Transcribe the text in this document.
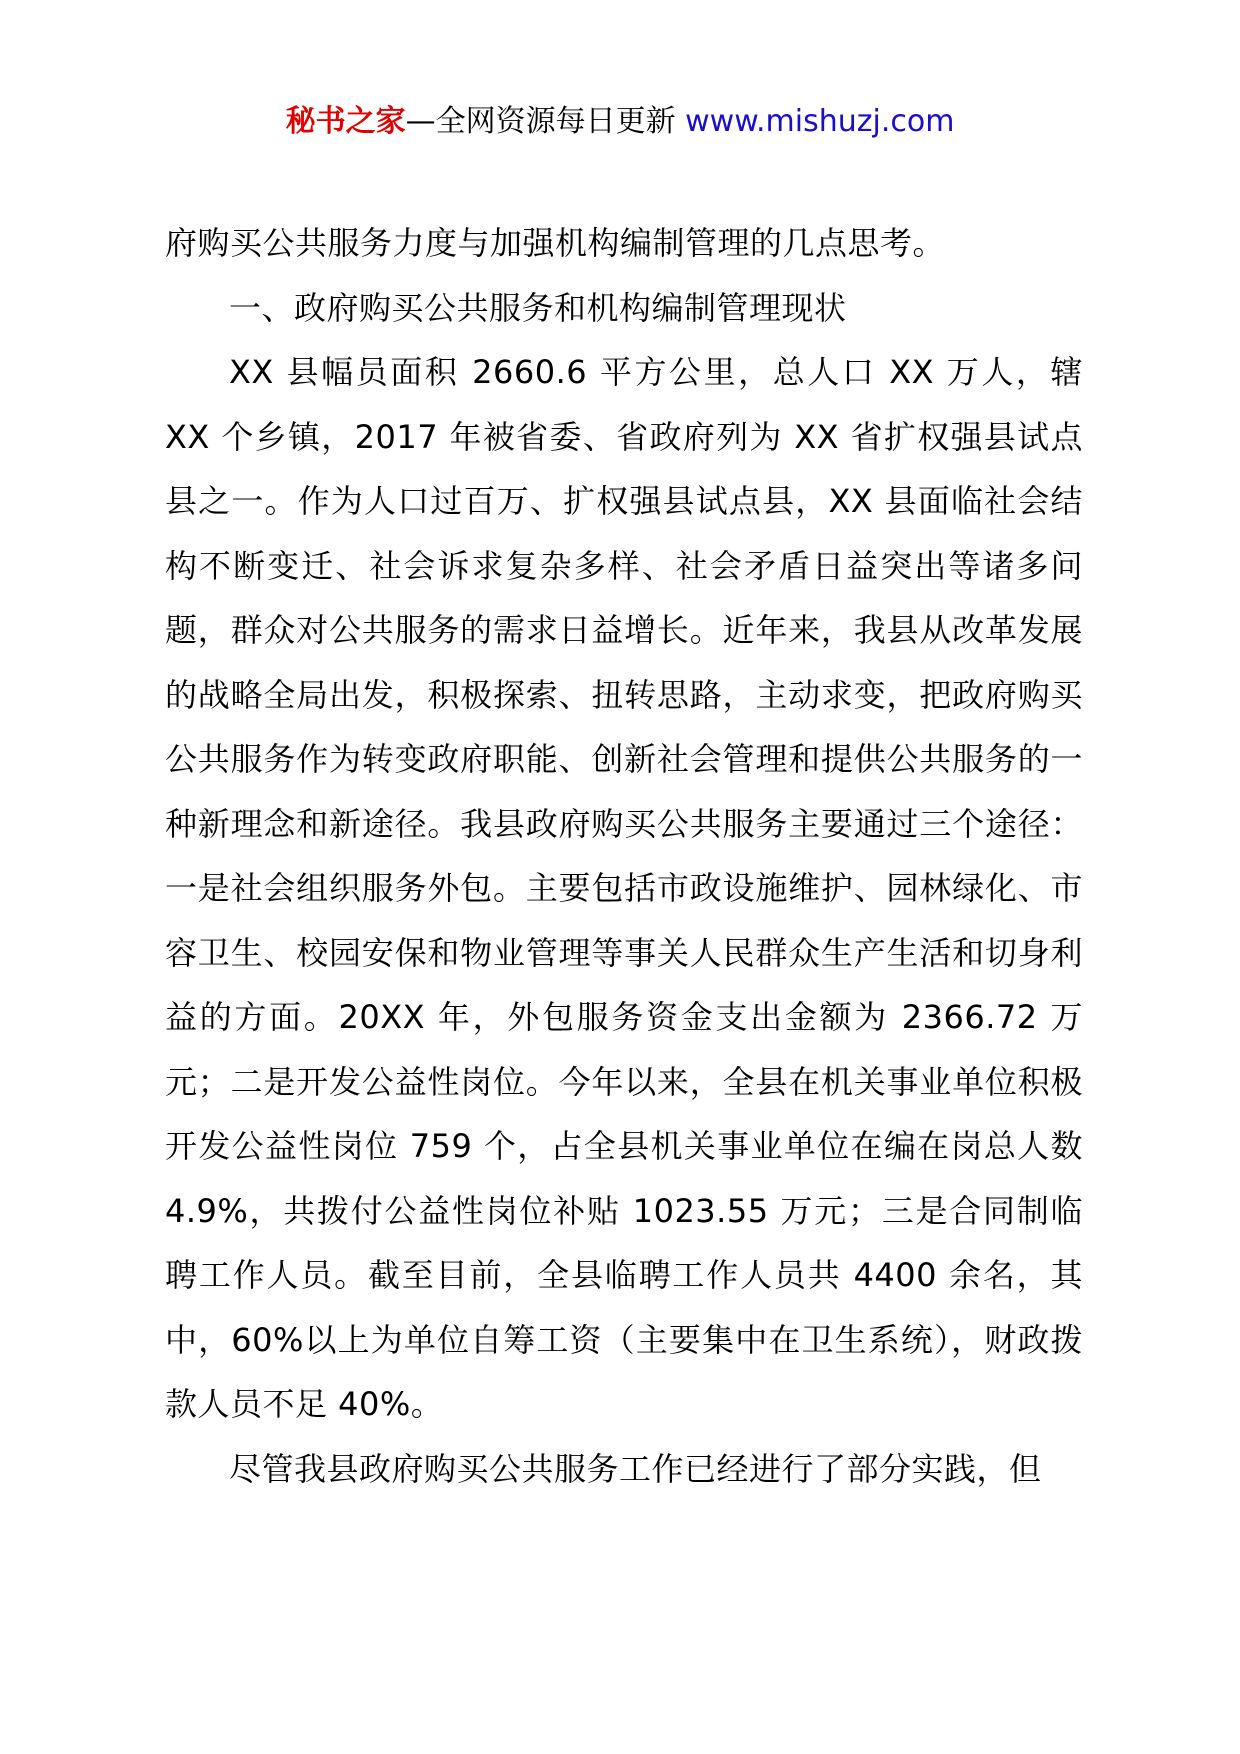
秘书之家—全网资源每日更新 www.mishuzj.com

府购买公共服务力度与加强机构编制管理的几点思考。

一、政府购买公共服务和机构编制管理现状

XX 县幅员面积 2660.6 平方公里，总人口 XX 万人，辖 XX 个乡镇，2017 年被省委、省政府列为 XX 省扩权强县试点县之一。作为人口过百万、扩权强县试点县，XX 县面临社会结构不断变迁、社会诉求复杂多样、社会矛盾日益突出等诸多问题，群众对公共服务的需求日益增长。近年来，我县从改革发展的战略全局出发，积极探索、扭转思路，主动求变，把政府购买公共服务作为转变政府职能、创新社会管理和提供公共服务的一种新理念和新途径。我县政府购买公共服务主要通过三个途径：一是社会组织服务外包。主要包括市政设施维护、园林绿化、市容卫生、校园安保和物业管理等事关人民群众生产生活和切身利益的方面。20XX 年，外包服务资金支出金额为 2366.72 万元；二是开发公益性岗位。今年以来，全县在机关事业单位积极开发公益性岗位 759 个，占全县机关事业单位在编在岗总人数 4.9%，共拨付公益性岗位补贴 1023.55 万元；三是合同制临聘工作人员。截至目前，全县临聘工作人员共 4400 余名，其中，60%以上为单位自筹工资（主要集中在卫生系统），财政拨款人员不足 40%。

尽管我县政府购买公共服务工作已经进行了部分实践，但
